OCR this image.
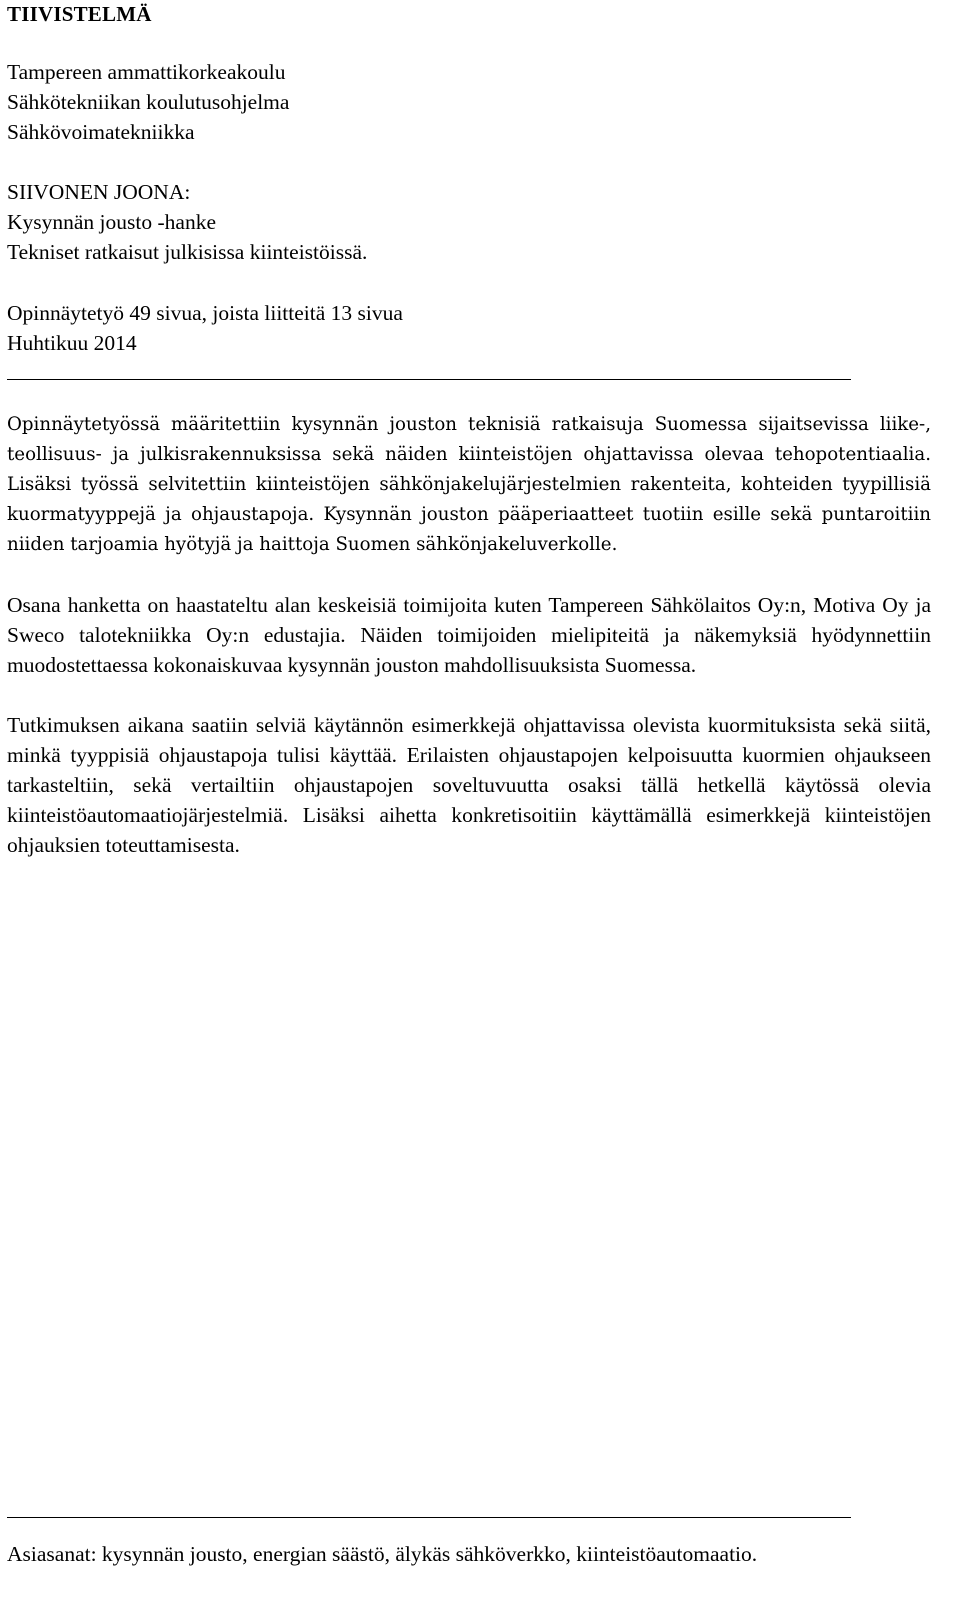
TIIVISTELMÄ
Tampereen ammattikorkeakoulu
Sähkötekniikan koulutusohjelma
Sähkövoimatekniikka
SIIVONEN JOONA:
Kysynnän jousto -hanke
Tekniset ratkaisut julkisissa kiinteistöissä.
Opinnäytetyö 49 sivua, joista liitteitä 13 sivua
Huhtikuu 2014

Opinnäytetyössä määritettiin kysynnän jouston teknisiä ratkaisuja Suomessa sijaitsevissa liike-, teollisuus- ja julkisrakennuksissa sekä näiden kiinteistöjen ohjattavissa olevaa tehopotentiaalia. Lisäksi työssä selvitettiin kiinteistöjen sähkönjakelujärjestelmien rakenteita, kohteiden tyypillisiä kuormatyyppejä ja ohjaustapoja. Kysynnän jouston pääperiaatteet tuotiin esille sekä puntaroitiin niiden tarjoamia hyötyjä ja haittoja Suomen sähkönjakeluverkolle.

Osana hanketta on haastateltu alan keskeisiä toimijoita kuten Tampereen Sähkölaitos Oy:n, Motiva Oy ja Sweco talotekniikka Oy:n edustajia. Näiden toimijoiden mielipiteitä ja näkemyksiä hyödynnettiin muodostettaessa kokonaiskuvaa kysynnän jouston mahdollisuuksista Suomessa.

Tutkimuksen aikana saatiin selviä käytännön esimerkkejä ohjattavissa olevista kuormituksista sekä siitä, minkä tyyppisiä ohjaustapoja tulisi käyttää. Erilaisten ohjaustapojen kelpoisuutta kuormien ohjaukseen tarkasteltiin, sekä vertailtiin ohjaustapojen soveltuvuutta osaksi tällä hetkellä käytössä olevia kiinteistöautomaatiojärjestelmiä. Lisäksi aihetta konkretisoitiin käyttämällä esimerkkejä kiinteistöjen ohjauksien toteuttamisesta.

Asiasanat: kysynnän jousto, energian säästö, älykäs sähköverkko, kiinteistöautomaatio.
